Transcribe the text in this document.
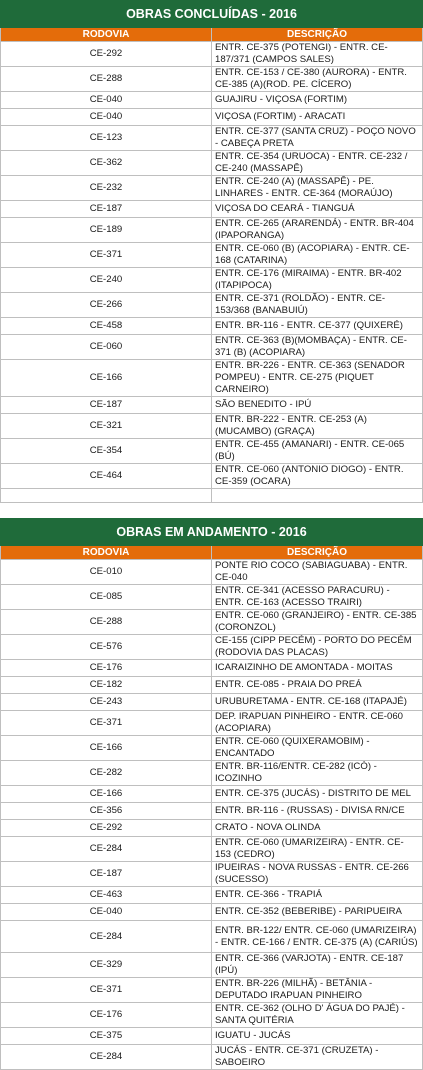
OBRAS CONCLUÍDAS - 2016	
RODOVIA	DESCRIÇÃO
CE-292	ENTR. CE-375 (POTENGI) - ENTR. CE-187/371 (CAMPOS SALES)
CE-288	ENTR. CE-153 / CE-380 (AURORA) - ENTR. CE-385 (A)(ROD. PE. CÍCERO)
CE-040	GUAJIRU - VIÇOSA (FORTIM)
CE-040	VIÇOSA (FORTIM) - ARACATI
CE-123	ENTR. CE-377 (SANTA CRUZ) - POÇO NOVO - CABEÇA PRETA
CE-362	ENTR. CE-354 (URUOCA) - ENTR. CE-232 / CE-240 (MASSAPÊ)
CE-232	ENTR. CE-240 (A) (MASSAPÊ) - PE. LINHARES - ENTR. CE-364 (MORAÚJO)
CE-187	VIÇOSA DO CEARÁ - TIANGUÁ
CE-189	ENTR. CE-265 (ARARENDÁ) - ENTR. BR-404 (IPAPORANGA)
CE-371	ENTR. CE-060 (B) (ACOPIARA) - ENTR. CE-168 (CATARINA)
CE-240	ENTR. CE-176 (MIRAIMA) - ENTR. BR-402 (ITAPIPOCA)
CE-266	ENTR. CE-371 (ROLDÃO) - ENTR. CE-153/368 (BANABUIÚ)
CE-458	ENTR. BR-116 - ENTR. CE-377 (QUIXERÉ)
CE-060	ENTR. CE-363 (B)(MOMBAÇA) - ENTR. CE-371 (B) (ACOPIARA)
CE-166	ENTR. BR-226 - ENTR. CE-363 (SENADOR POMPEU) - ENTR. CE-275 (PIQUET CARNEIRO)
CE-187	SÃO BENEDITO - IPÚ
CE-321	ENTR. BR-222 - ENTR. CE-253 (A)(MUCAMBO) (GRAÇA)
CE-354	ENTR. CE-455 (AMANARI) - ENTR. CE-065 (BÚ)
CE-464	ENTR. CE-060 (ANTONIO DIOGO) - ENTR. CE-359 (OCARA)

OBRAS EM ANDAMENTO - 2016	
RODOVIA	DESCRIÇÃO
CE-010	PONTE RIO COCO (SABIAGUABA) - ENTR. CE-040
CE-085	ENTR. CE-341 (ACESSO PARACURU) - ENTR. CE-163 (ACESSO TRAIRI)
CE-288	ENTR. CE-060 (GRANJEIRO) - ENTR. CE-385 (CORONZOL)
CE-576	CE-155 (CIPP PECÉM) - PORTO DO PECÉM (RODOVIA DAS PLACAS)
CE-176	ICARAIZINHO DE AMONTADA - MOITAS
CE-182	ENTR. CE-085 - PRAIA DO PREÁ
CE-243	URUBURETAMA - ENTR. CE-168 (ITAPAJÉ)
CE-371	DEP. IRAPUAN PINHEIRO - ENTR. CE-060 (ACOPIARA)
CE-166	ENTR. CE-060 (QUIXERAMOBIM) - ENCANTADO
CE-282	ENTR. BR-116/ENTR. CE-282 (ICÓ) - ICOZINHO
CE-166	ENTR. CE-375 (JUCÁS) - DISTRITO DE MEL
CE-356	ENTR. BR-116 - (RUSSAS) - DIVISA RN/CE
CE-292	CRATO - NOVA OLINDA
CE-284	ENTR. CE-060 (UMARIZEIRA) - ENTR. CE-153 (CEDRO)
CE-187	IPUEIRAS - NOVA RUSSAS - ENTR. CE-266 (SUCESSO)
CE-463	ENTR. CE-366 - TRAPIÁ
CE-040	ENTR. CE-352 (BEBERIBE) - PARIPUEIRA
CE-284	ENTR. BR-122/ ENTR. CE-060 (UMARIZEIRA) - ENTR. CE-166 / ENTR. CE-375 (A) (CARIÚS)
CE-329	ENTR. CE-366 (VARJOTA) - ENTR. CE-187 (IPÚ)
CE-371	ENTR. BR-226 (MILHÃ) - BETÂNIA - DEPUTADO IRAPUAN PINHEIRO
CE-176	ENTR. CE-362 (OLHO D' ÁGUA DO PAJÉ) - SANTA QUITÉRIA
CE-375	IGUATU - JUCÁS
CE-284	JUCÁS - ENTR. CE-371 (CRUZETA) - SABOEIRO
